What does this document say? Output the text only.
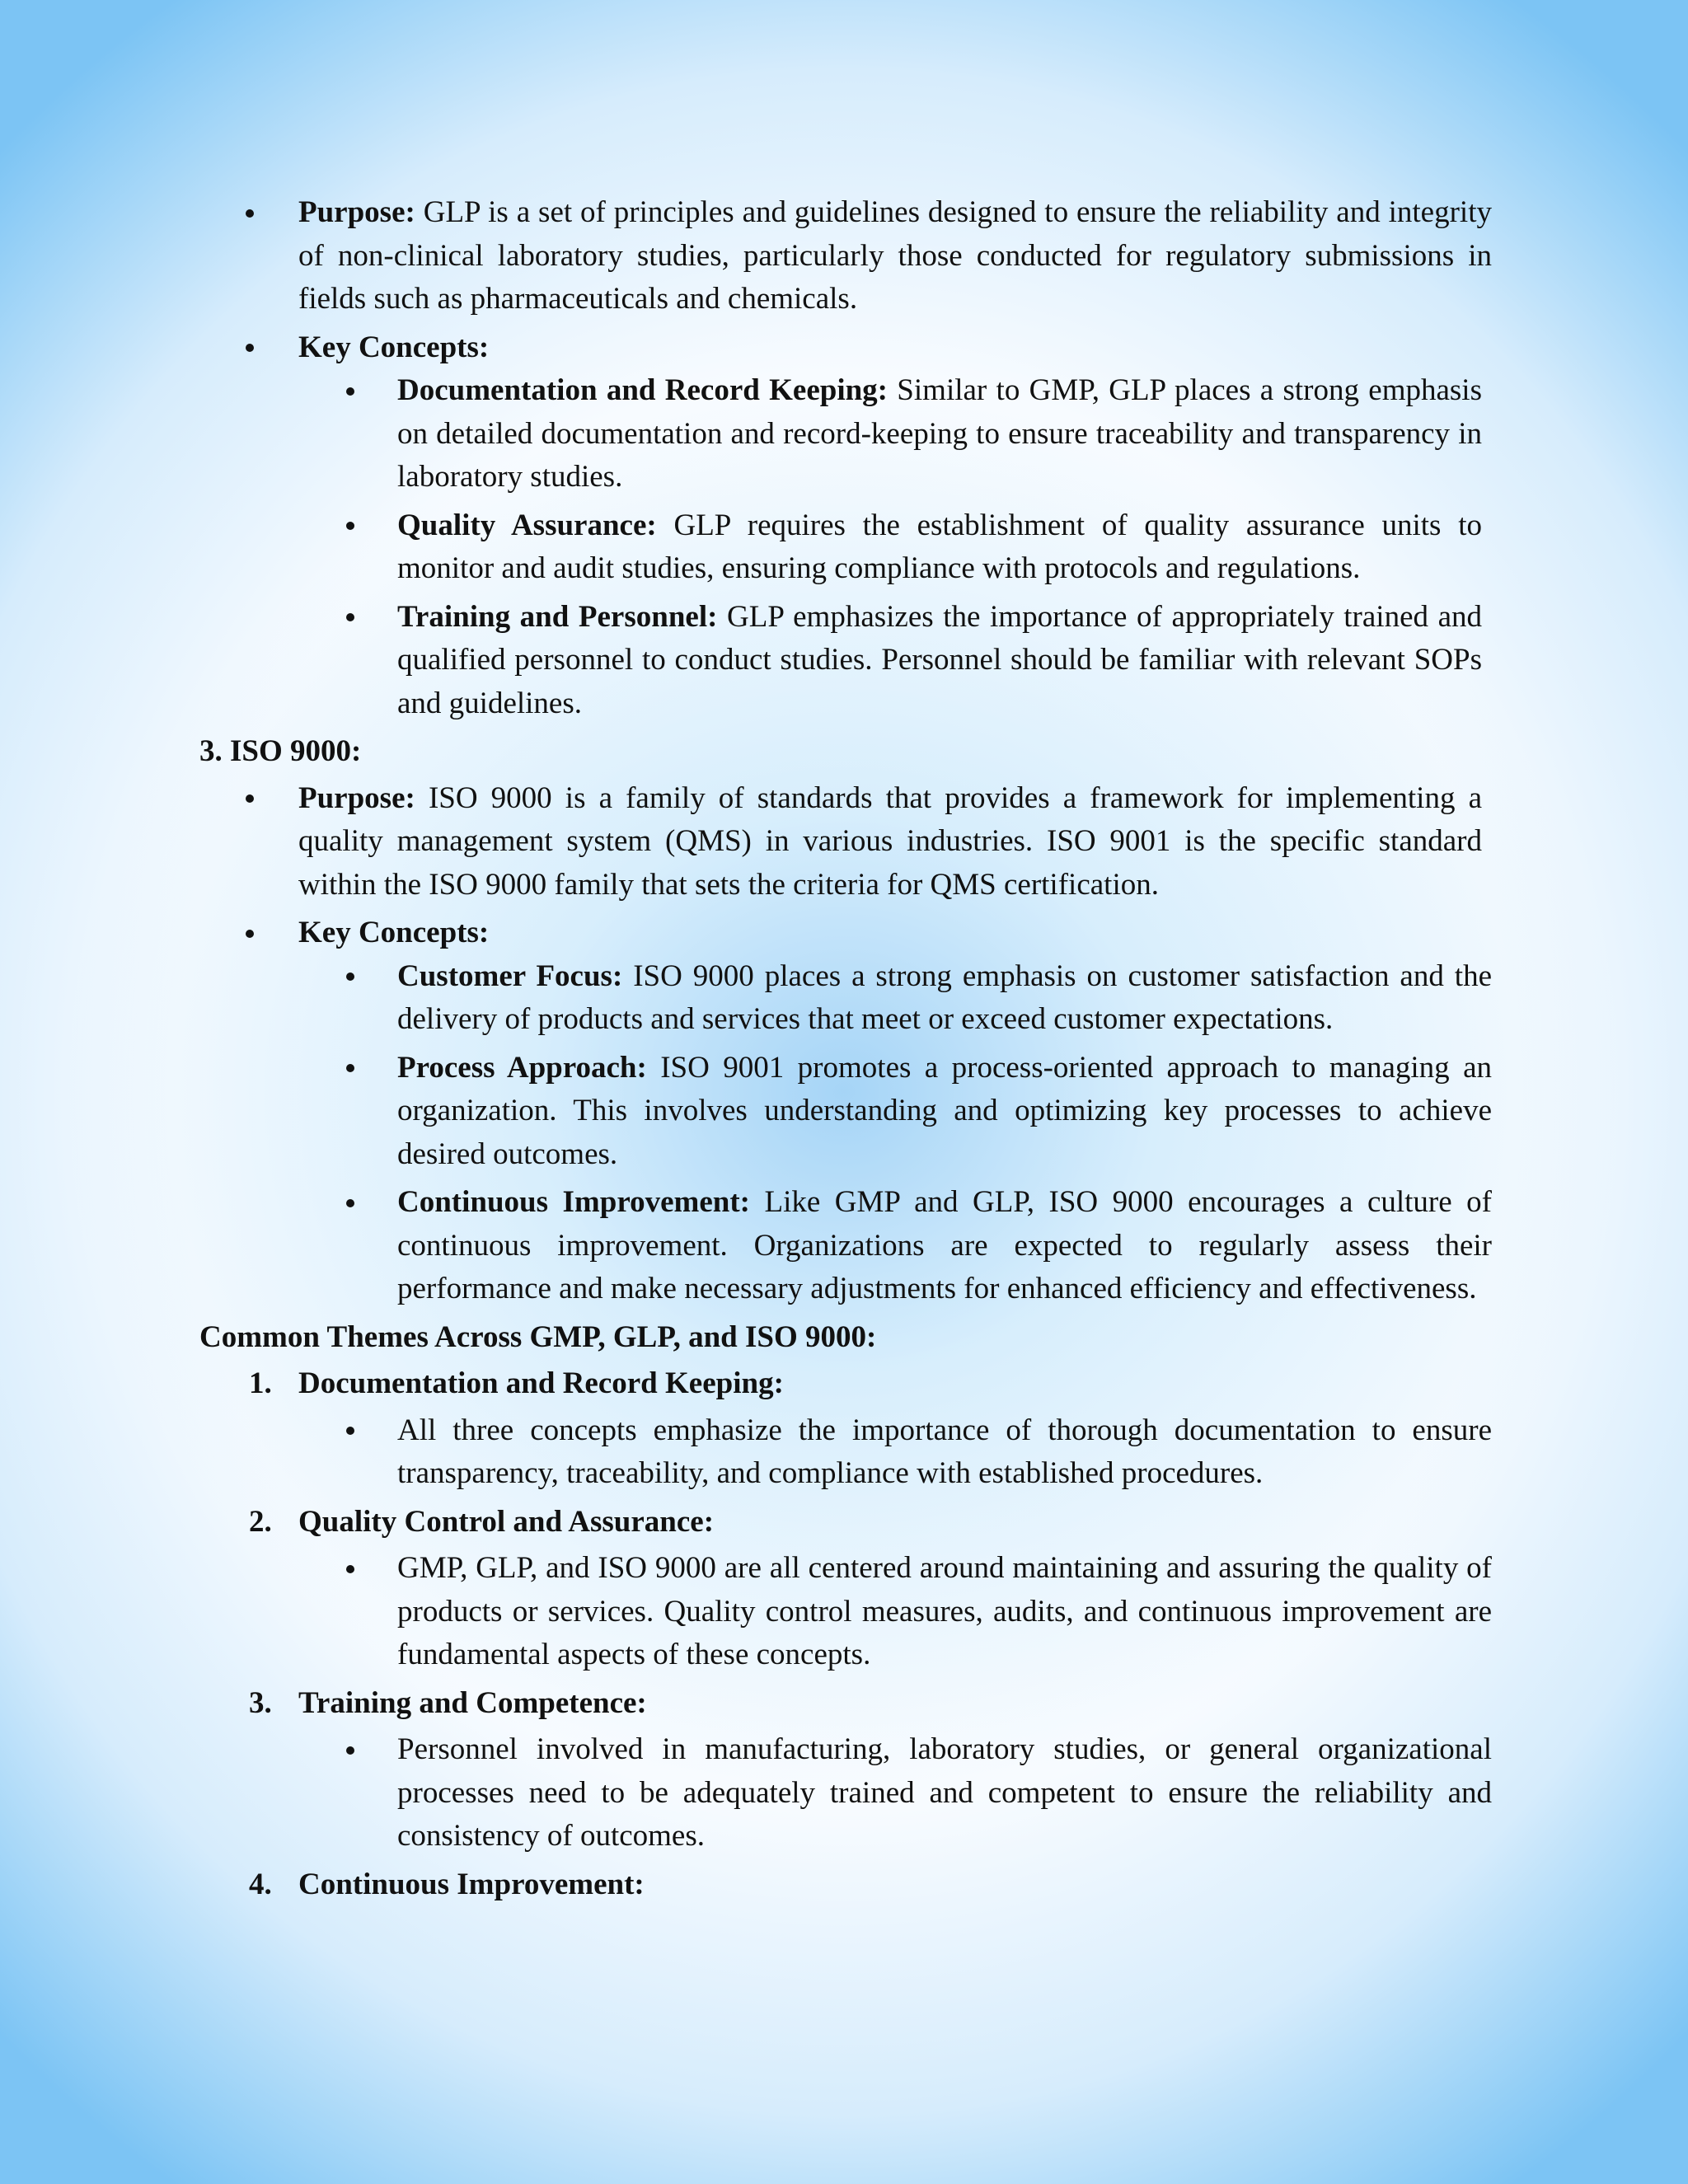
Purpose: GLP is a set of principles and guidelines designed to ensure the reliability and integrity of non-clinical laboratory studies, particularly those conducted for regulatory submissions in fields such as pharmaceuticals and chemicals.
Key Concepts:
Documentation and Record Keeping: Similar to GMP, GLP places a strong emphasis on detailed documentation and record-keeping to ensure traceability and transparency in laboratory studies.
Quality Assurance: GLP requires the establishment of quality assurance units to monitor and audit studies, ensuring compliance with protocols and regulations.
Training and Personnel: GLP emphasizes the importance of appropriately trained and qualified personnel to conduct studies. Personnel should be familiar with relevant SOPs and guidelines.
3. ISO 9000:
Purpose: ISO 9000 is a family of standards that provides a framework for implementing a quality management system (QMS) in various industries. ISO 9001 is the specific standard within the ISO 9000 family that sets the criteria for QMS certification.
Key Concepts:
Customer Focus: ISO 9000 places a strong emphasis on customer satisfaction and the delivery of products and services that meet or exceed customer expectations.
Process Approach: ISO 9001 promotes a process-oriented approach to managing an organization. This involves understanding and optimizing key processes to achieve desired outcomes.
Continuous Improvement: Like GMP and GLP, ISO 9000 encourages a culture of continuous improvement. Organizations are expected to regularly assess their performance and make necessary adjustments for enhanced efficiency and effectiveness.
Common Themes Across GMP, GLP, and ISO 9000:
1. Documentation and Record Keeping:
All three concepts emphasize the importance of thorough documentation to ensure transparency, traceability, and compliance with established procedures.
2. Quality Control and Assurance:
GMP, GLP, and ISO 9000 are all centered around maintaining and assuring the quality of products or services. Quality control measures, audits, and continuous improvement are fundamental aspects of these concepts.
3. Training and Competence:
Personnel involved in manufacturing, laboratory studies, or general organizational processes need to be adequately trained and competent to ensure the reliability and consistency of outcomes.
4. Continuous Improvement:
